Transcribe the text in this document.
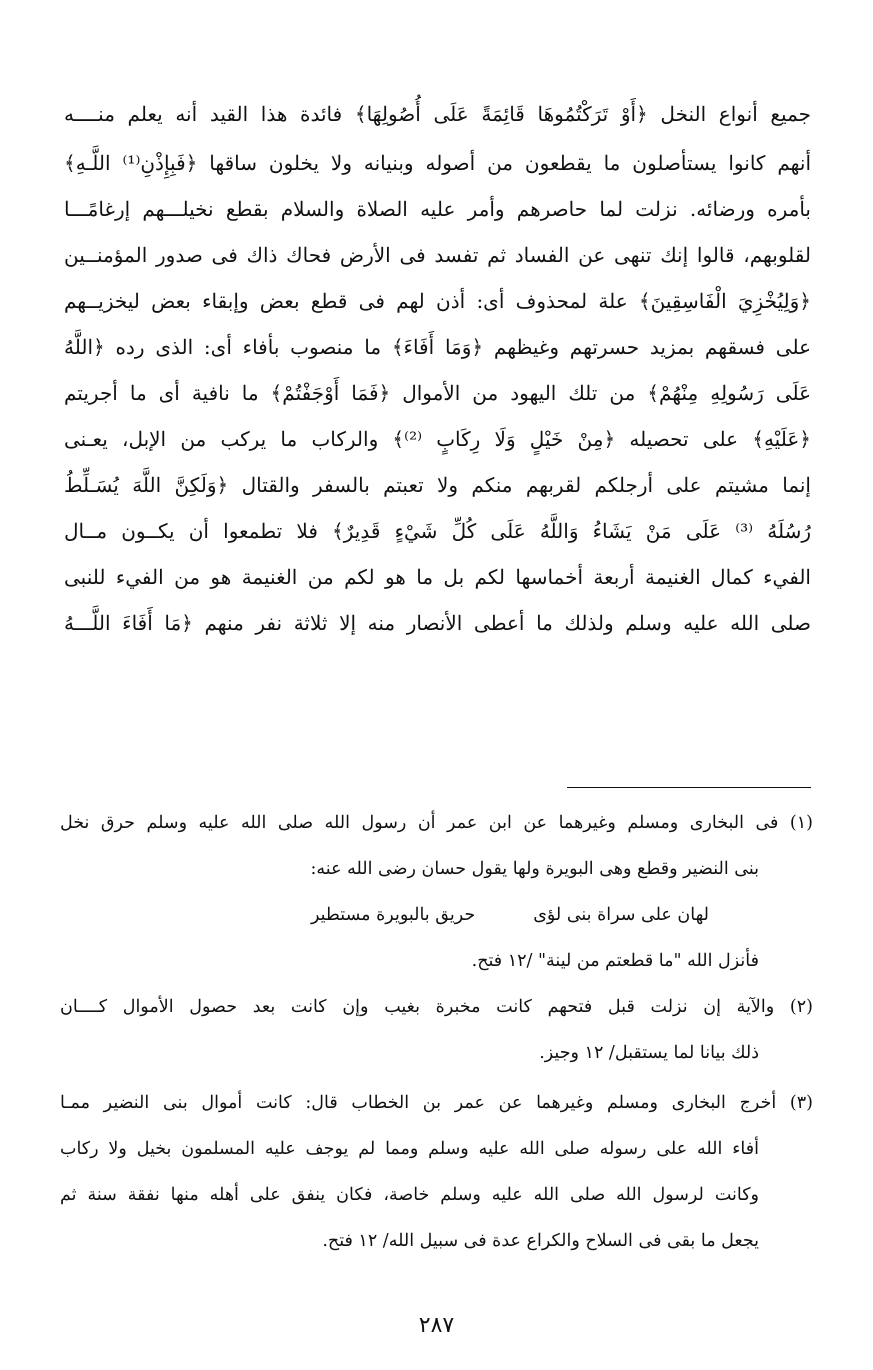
جميع أنواع النخل ﴿أَوْ تَرَكْتُمُوهَا قَائِمَةً عَلَى أُصُولِهَا﴾ فائدة هذا القيد أنه يعلم منــــه
أنهم كانوا يستأصلون ما يقطعون من أصوله وبنيانه ولا يخلون ساقها ﴿فَبِإِذْنِ⁽¹⁾ اللَّـهِ﴾
بأمره ورضائه. نزلت لما حاصرهم وأمر عليه الصلاة والسلام بقطع نخيلـــهم إرغامًـــا
لقلوبهم، قالوا إنك تنهى عن الفساد ثم تفسد فى الأرض فحاك ذاك فى صدور المؤمنــين
﴿وَلِيُخْزِيَ الْفَاسِقِينَ﴾ علة لمحذوف أى: أذن لهم فى قطع بعض وإبقاء بعض ليخزيــهم
على فسقهم بمزيد حسرتهم وغيظهم ﴿وَمَا أَفَاءَ﴾ ما منصوب بأفاء أى: الذى رده ﴿اللَّهُ
عَلَى رَسُولِهِ مِنْهُمْ﴾ من تلك اليهود من الأموال ﴿فَمَا أَوْجَفْتُمْ﴾ ما نافية أى ما أجريتم
﴿عَلَيْهِ﴾ على تحصيله ﴿مِنْ خَيْلٍ وَلَا رِكَابٍ ⁽²⁾﴾ والركاب ما يركب من الإبل، يعـنى
إنما مشيتم على أرجلكم لقربهم منكم ولا تعبتم بالسفر والقتال ﴿وَلَكِنَّ اللَّهَ يُسَـلِّطُ
رُسُلَهُ ⁽³⁾ عَلَى مَنْ يَشَاءُ وَاللَّهُ عَلَى كُلِّ شَيْءٍ قَدِيرٌ﴾ فلا تطمعوا أن يكــون مــال
الفيء كمال الغنيمة أربعة أخماسها لكم بل ما هو لكم من الغنيمة هو من الفيء للنبى
صلى الله عليه وسلم ولذلك ما أعطى الأنصار منه إلا ثلاثة نفر منهم ﴿مَا أَفَاءَ اللَّـــهُ
(١) فى البخارى ومسلم وغيرهما عن ابن عمر أن رسول الله صلى الله عليه وسلم حرق نخل
بنى النضير وقطع وهى البويرة ولها يقول حسان رضى الله عنه:
لهان على سراة بنى لؤى
حريق بالبويرة مستطير
فأنزل الله "ما قطعتم من لينة" /١٢ فتح.
(٢) والآية إن نزلت قبل فتحهم كانت مخبرة بغيب وإن كانت بعد حصول الأموال كــــان
ذلك بيانا لما يستقبل/ ١٢ وجيز.
(٣) أخرج البخارى ومسلم وغيرهما عن عمر بن الخطاب قال: كانت أموال بنى النضير ممـا
أفاء الله على رسوله صلى الله عليه وسلم ومما لم يوجف عليه المسلمون بخيل ولا ركاب
وكانت لرسول الله صلى الله عليه وسلم خاصة، فكان ينفق على أهله منها نفقة سنة ثم
يجعل ما بقى فى السلاح والكراع عدة فى سبيل الله/ ١٢ فتح.
٢٨٧
